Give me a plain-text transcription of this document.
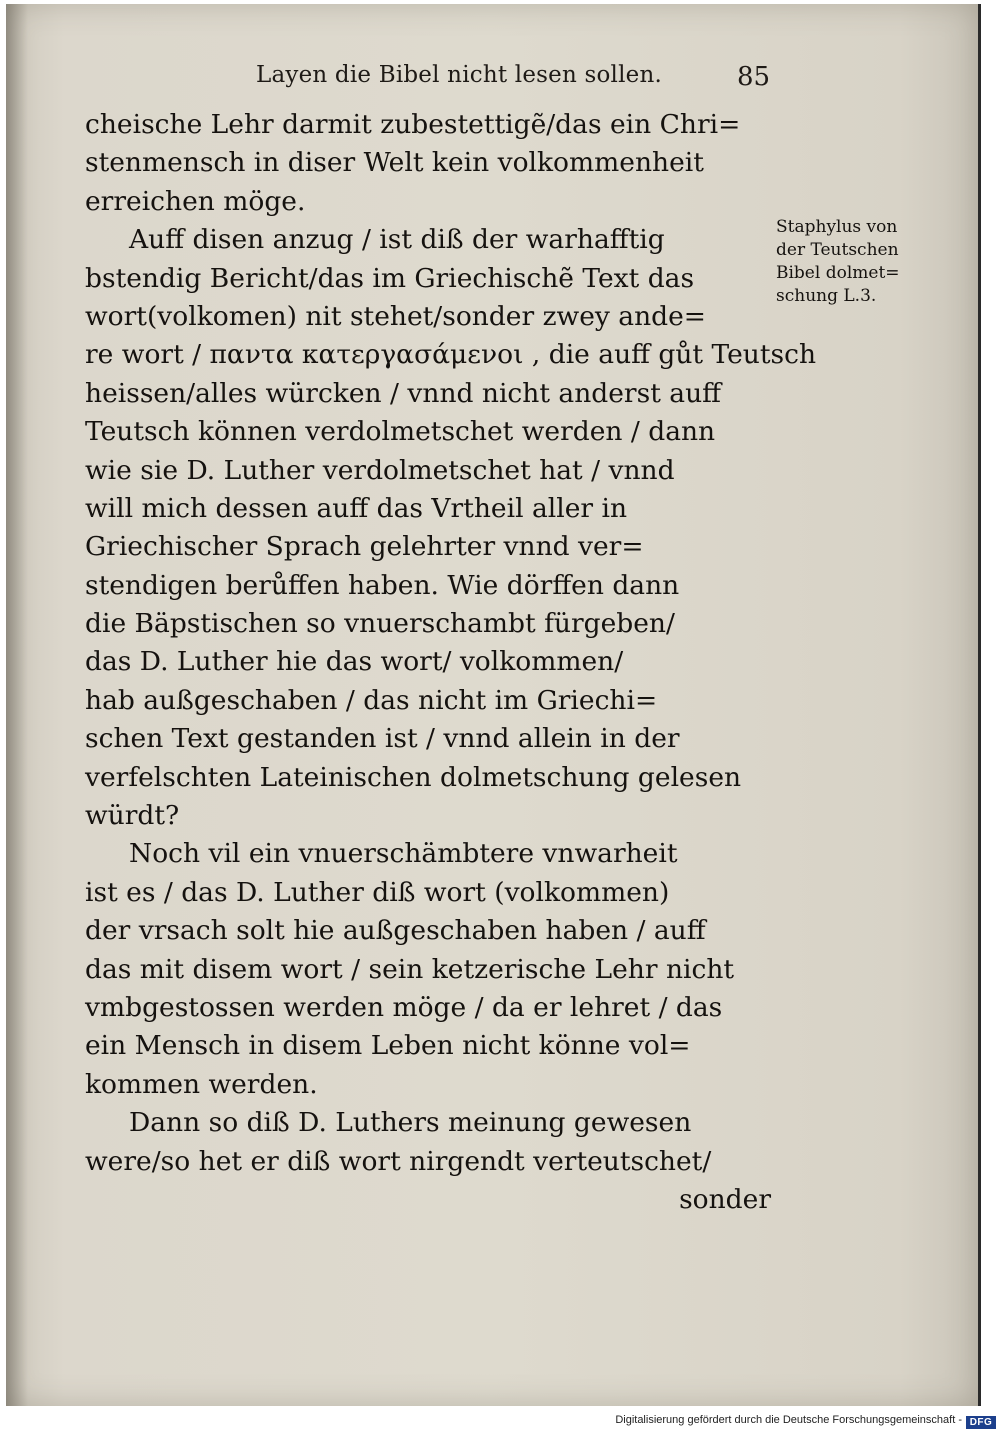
Layen die Bibel nicht lesen sollen.	85
cheische Lehr darmit zubestettigẽ/das ein Chri=
stenmensch in diser Welt kein volkommenheit
erreichen möge.
Auff disen anzug / ist diß der warhafftig
bstendig Bericht/das im Griechischẽ Text das
wort(volkomen) nit stehet/sonder zwey ande=
re wort / παντα κατεργασάμενοι , die auff gůt Teutsch
heissen/alles würcken / vnnd nicht anderst auff
Teutsch können verdolmetschet werden / dann
wie sie D. Luther verdolmetschet hat / vnnd
will mich dessen auff das Vrtheil aller in
Griechischer Sprach gelehrter vnnd ver=
stendigen berůffen haben. Wie dörffen dann
die Bäpstischen so vnuerschambt fürgeben/
das D. Luther hie das wort/ volkommen/
hab außgeschaben / das nicht im Griechi=
schen Text gestanden ist / vnnd allein in der
verfelschten Lateinischen dolmetschung gelesen
würdt?
Noch vil ein vnuerschämbtere vnwarheit
ist es / das D. Luther diß wort (volkommen)
der vrsach solt hie außgeschaben haben / auff
das mit disem wort / sein ketzerische Lehr nicht
vmbgestossen werden möge / da er lehret / das
ein Mensch in disem Leben nicht könne vol=
kommen werden.
Dann so diß D. Luthers meinung gewesen
were/so het er diß wort nirgendt verteutschet/
sonder
Staphylus von
der Teutschen
Bibel dolmet=
schung L.3.
Digitalisierung gefördert durch die Deutsche Forschungsgemeinschaft - DFG
